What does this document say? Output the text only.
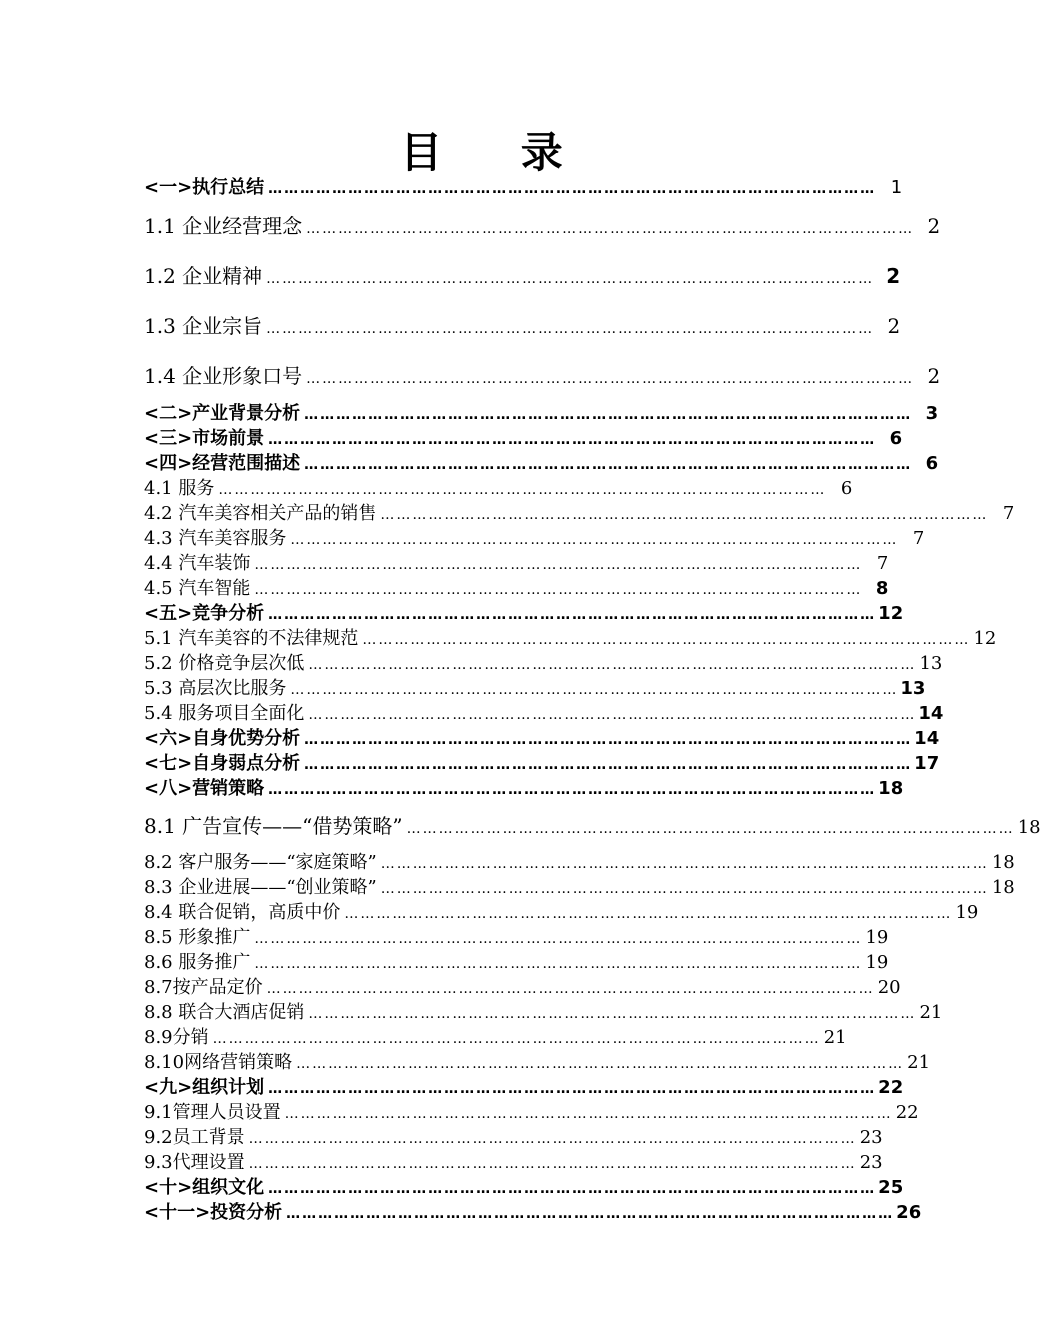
目 录
<一>执行总结 …………………………………………………………………………………………………… 1
1.1 企业经营理念 …………………………………………………………………………………………………… 2
1.2 企业精神 …………………………………………………………………………………………………… 2
1.3 企业宗旨 …………………………………………………………………………………………………… 2
1.4 企业形象口号 …………………………………………………………………………………………………… 2
<二>产业背景分析 …………………………………………………………………………………………………… 3
<三>市场前景 …………………………………………………………………………………………………… 6
<四>经营范围描述 …………………………………………………………………………………………………… 6
4.1 服务 …………………………………………………………………………………………………… 6
4.2 汽车美容相关产品的销售 …………………………………………………………………………………………………… 7
4.3 汽车美容服务 …………………………………………………………………………………………………… 7
4.4 汽车装饰 …………………………………………………………………………………………………… 7
4.5 汽车智能 …………………………………………………………………………………………………… 8
<五>竞争分析 …………………………………………………………………………………………………… 12
5.1 汽车美容的不法律规范 …………………………………………………………………………………………………… 12
5.2 价格竞争层次低 …………………………………………………………………………………………………… 13
5.3 高层次比服务 …………………………………………………………………………………………………… 13
5.4 服务项目全面化 …………………………………………………………………………………………………… 14
<六>自身优势分析 …………………………………………………………………………………………………… 14
<七>自身弱点分析 …………………………………………………………………………………………………… 17
<八>营销策略 …………………………………………………………………………………………………… 18
8.1 广告宣传——“借势策略” …………………………………………………………………………………………………… 18
8.2 客户服务——“家庭策略” …………………………………………………………………………………………………… 18
8.3 企业进展——“创业策略” …………………………………………………………………………………………………… 18
8.4 联合促销，高质中价 …………………………………………………………………………………………………… 19
8.5 形象推广 …………………………………………………………………………………………………… 19
8.6 服务推广 …………………………………………………………………………………………………… 19
8.7按产品定价 …………………………………………………………………………………………………… 20
8.8 联合大酒店促销 …………………………………………………………………………………………………… 21
8.9分销 …………………………………………………………………………………………………… 21
8.10网络营销策略 …………………………………………………………………………………………………… 21
<九>组织计划 …………………………………………………………………………………………………… 22
9.1管理人员设置 …………………………………………………………………………………………………… 22
9.2员工背景 …………………………………………………………………………………………………… 23
9.3代理设置 …………………………………………………………………………………………………… 23
<十>组织文化 …………………………………………………………………………………………………… 25
<十一>投资分析 …………………………………………………………………………………………………… 26
